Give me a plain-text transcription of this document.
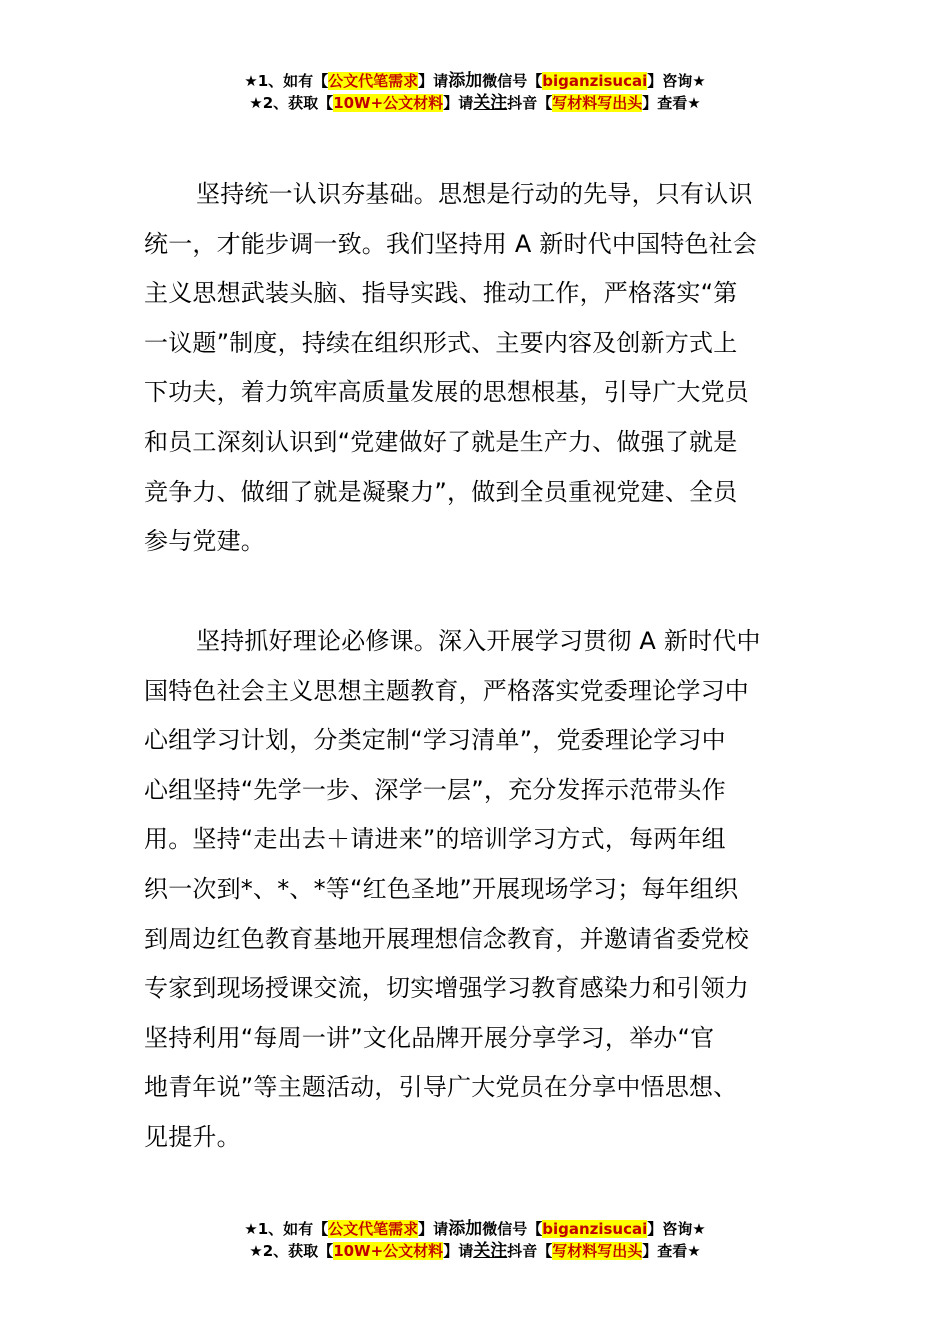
★1、如有【公文代笔需求】请添加微信号【biganzisucai】咨询★
★2、获取【10W+公文材料】请关注抖音【写材料写出头】查看★
坚持统一认识夯基础。思想是行动的先导，只有认识
统一，才能步调一致。我们坚持用 A 新时代中国特色社会
主义思想武装头脑、指导实践、推动工作，严格落实“第
一议题”制度，持续在组织形式、主要内容及创新方式上
下功夫，着力筑牢高质量发展的思想根基，引导广大党员
和员工深刻认识到“党建做好了就是生产力、做强了就是
竞争力、做细了就是凝聚力”，做到全员重视党建、全员
参与党建。
坚持抓好理论必修课。深入开展学习贯彻 A 新时代中
国特色社会主义思想主题教育，严格落实党委理论学习中
心组学习计划，分类定制“学习清单”，党委理论学习中
心组坚持“先学一步、深学一层”，充分发挥示范带头作
用。坚持“走出去＋请进来”的培训学习方式，每两年组
织一次到*、*、*等“红色圣地”开展现场学习；每年组织
到周边红色教育基地开展理想信念教育，并邀请省委党校
专家到现场授课交流，切实增强学习教育感染力和引领力
坚持利用“每周一讲”文化品牌开展分享学习，举办“官
地青年说”等主题活动，引导广大党员在分享中悟思想、
见提升。
★1、如有【公文代笔需求】请添加微信号【biganzisucai】咨询★
★2、获取【10W+公文材料】请关注抖音【写材料写出头】查看★
